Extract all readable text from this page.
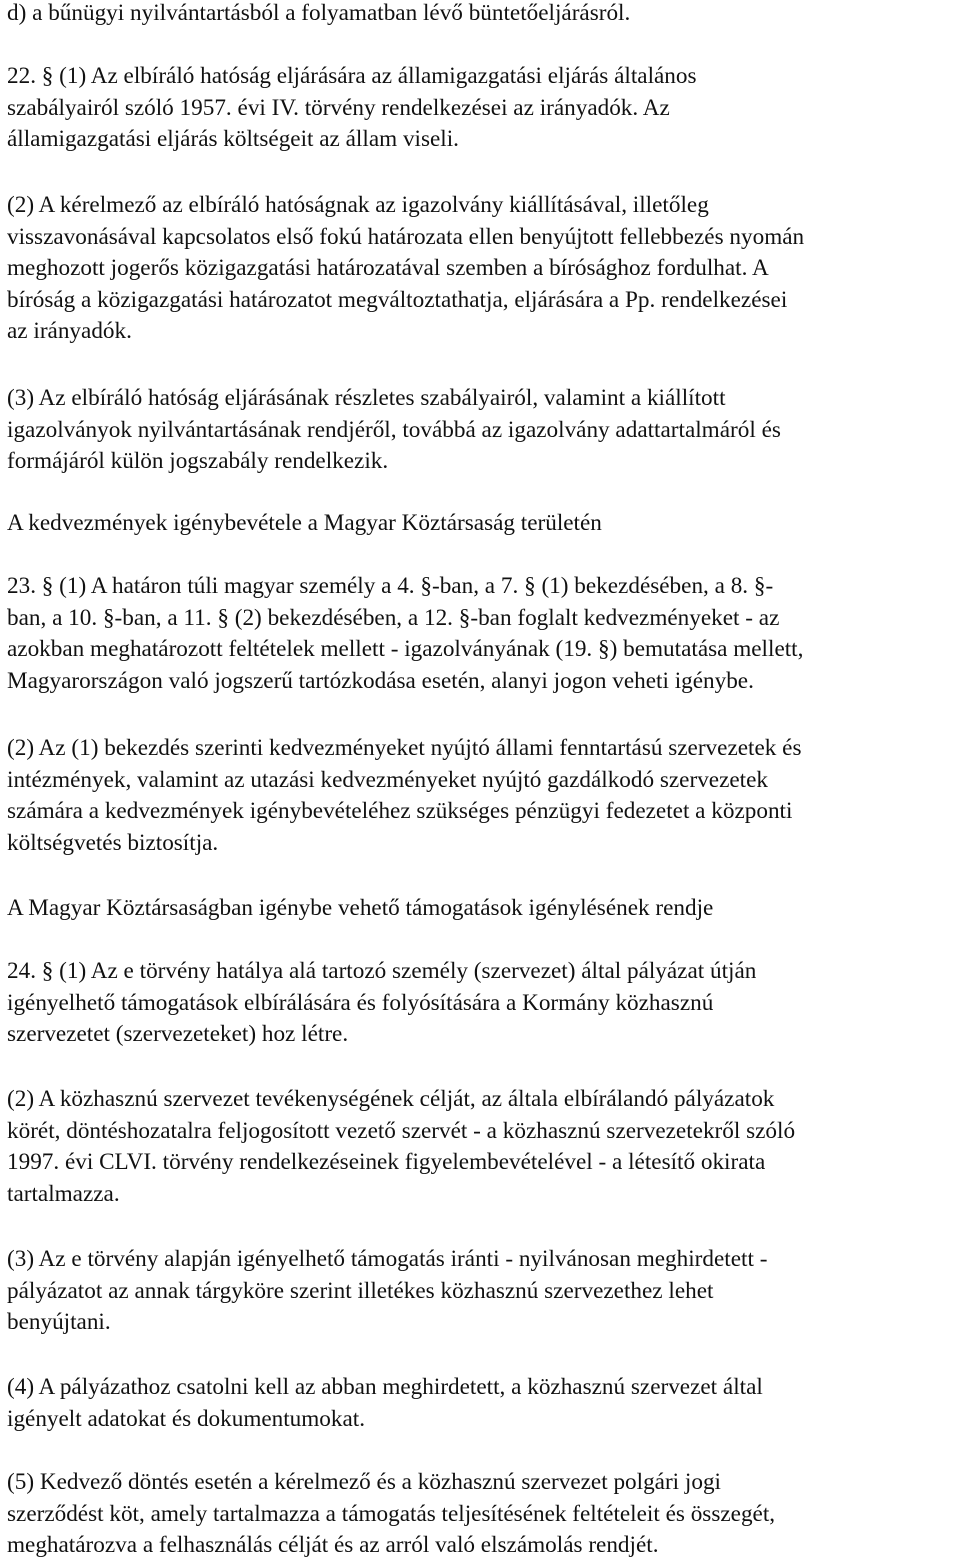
d) a bűnügyi nyilvántartásból a folyamatban lévő büntetőeljárásról.
22. § (1) Az elbíráló hatóság eljárására az államigazgatási eljárás általános
szabályairól szóló 1957. évi IV. törvény rendelkezései az irányadók. Az
államigazgatási eljárás költségeit az állam viseli.
(2) A kérelmező az elbíráló hatóságnak az igazolvány kiállításával, illetőleg
visszavonásával kapcsolatos első fokú határozata ellen benyújtott fellebbezés nyomán
meghozott jogerős közigazgatási határozatával szemben a bírósághoz fordulhat. A
bíróság a közigazgatási határozatot megváltoztathatja, eljárására a Pp. rendelkezései
az irányadók.
(3) Az elbíráló hatóság eljárásának részletes szabályairól, valamint a kiállított
igazolványok nyilvántartásának rendjéről, továbbá az igazolvány adattartalmáról és
formájáról külön jogszabály rendelkezik.
A kedvezmények igénybevétele a Magyar Köztársaság területén
23. § (1) A határon túli magyar személy a 4. §-ban, a 7. § (1) bekezdésében, a 8. §-
ban, a 10. §-ban, a 11. § (2) bekezdésében, a 12. §-ban foglalt kedvezményeket - az
azokban meghatározott feltételek mellett - igazolványának (19. §) bemutatása mellett,
Magyarországon való jogszerű tartózkodása esetén, alanyi jogon veheti igénybe.
(2) Az (1) bekezdés szerinti kedvezményeket nyújtó állami fenntartású szervezetek és
intézmények, valamint az utazási kedvezményeket nyújtó gazdálkodó szervezetek
számára a kedvezmények igénybevételéhez szükséges pénzügyi fedezetet a központi
költségvetés biztosítja.
A Magyar Köztársaságban igénybe vehető támogatások igénylésének rendje
24. § (1) Az e törvény hatálya alá tartozó személy (szervezet) által pályázat útján
igényelhető támogatások elbírálására és folyósítására a Kormány közhasznú
szervezetet (szervezeteket) hoz létre.
(2) A közhasznú szervezet tevékenységének célját, az általa elbírálandó pályázatok
körét, döntéshozatalra feljogosított vezető szervét - a közhasznú szervezetekről szóló
1997. évi CLVI. törvény rendelkezéseinek figyelembevételével - a létesítő okirata
tartalmazza.
(3) Az e törvény alapján igényelhető támogatás iránti - nyilvánosan meghirdetett -
pályázatot az annak tárgyköre szerint illetékes közhasznú szervezethez lehet
benyújtani.
(4) A pályázathoz csatolni kell az abban meghirdetett, a közhasznú szervezet által
igényelt adatokat és dokumentumokat.
(5) Kedvező döntés esetén a kérelmező és a közhasznú szervezet polgári jogi
szerződést köt, amely tartalmazza a támogatás teljesítésének feltételeit és összegét,
meghatározva a felhasználás célját és az arról való elszámolás rendjét.
